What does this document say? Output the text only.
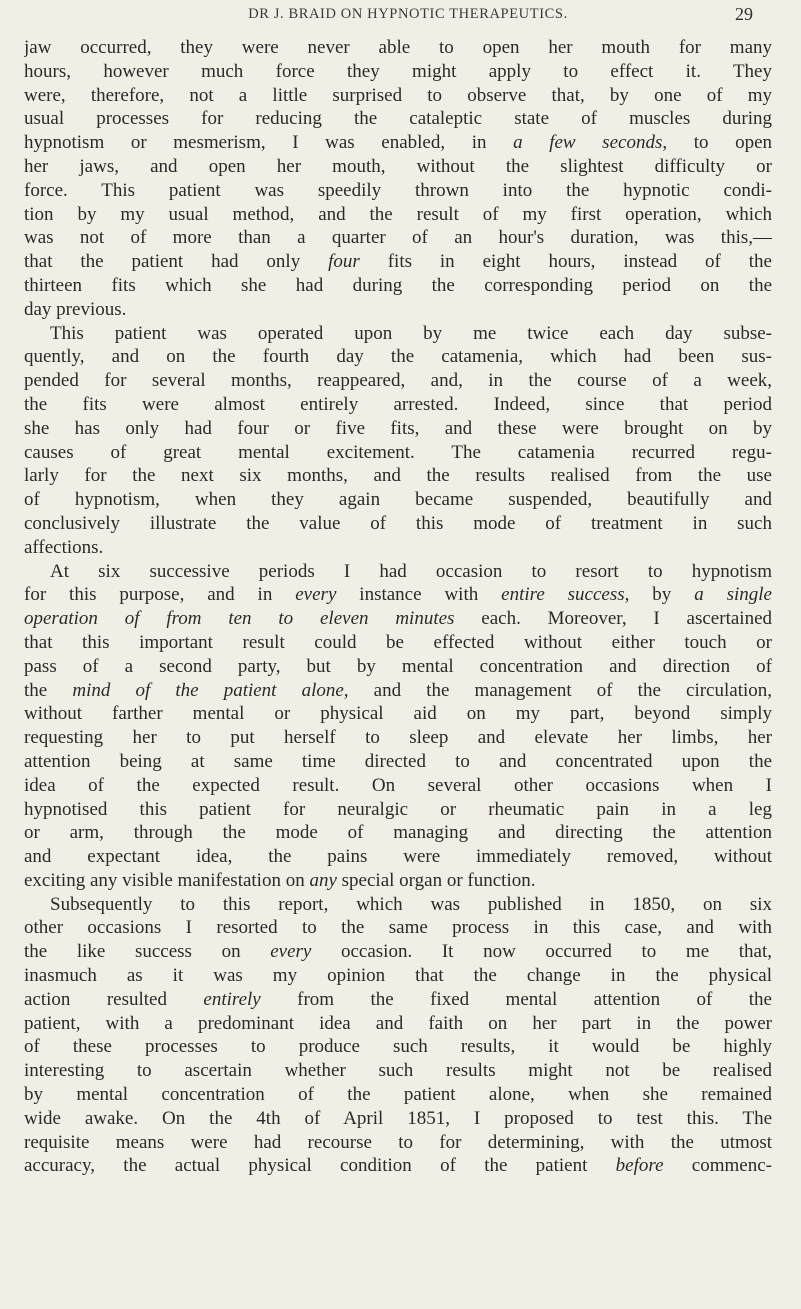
DR J. BRAID ON HYPNOTIC THERAPEUTICS.	29
jaw occurred, they were never able to open her mouth for many
hours, however much force they might apply to effect it. They
were, therefore, not a little surprised to observe that, by one of my
usual processes for reducing the cataleptic state of muscles during
hypnotism or mesmerism, I was enabled, in a few seconds, to open
her jaws, and open her mouth, without the slightest difficulty or
force. This patient was speedily thrown into the hypnotic condi-
tion by my usual method, and the result of my first operation, which
was not of more than a quarter of an hour's duration, was this,—
that the patient had only four fits in eight hours, instead of the
thirteen fits which she had during the corresponding period on the
day previous.
This patient was operated upon by me twice each day subse-
quently, and on the fourth day the catamenia, which had been sus-
pended for several months, reappeared, and, in the course of a week,
the fits were almost entirely arrested. Indeed, since that period
she has only had four or five fits, and these were brought on by
causes of great mental excitement. The catamenia recurred regu-
larly for the next six months, and the results realised from the use
of hypnotism, when they again became suspended, beautifully and
conclusively illustrate the value of this mode of treatment in such
affections.
At six successive periods I had occasion to resort to hypnotism
for this purpose, and in every instance with entire success, by a single
operation of from ten to eleven minutes each. Moreover, I ascertained
that this important result could be effected without either touch or
pass of a second party, but by mental concentration and direction of
the mind of the patient alone, and the management of the circulation,
without farther mental or physical aid on my part, beyond simply
requesting her to put herself to sleep and elevate her limbs, her
attention being at same time directed to and concentrated upon the
idea of the expected result. On several other occasions when I
hypnotised this patient for neuralgic or rheumatic pain in a leg
or arm, through the mode of managing and directing the attention
and expectant idea, the pains were immediately removed, without
exciting any visible manifestation on any special organ or function.
Subsequently to this report, which was published in 1850, on six
other occasions I resorted to the same process in this case, and with
the like success on every occasion. It now occurred to me that,
inasmuch as it was my opinion that the change in the physical
action resulted entirely from the fixed mental attention of the
patient, with a predominant idea and faith on her part in the power
of these processes to produce such results, it would be highly
interesting to ascertain whether such results might not be realised
by mental concentration of the patient alone, when she remained
wide awake. On the 4th of April 1851, I proposed to test this. The
requisite means were had recourse to for determining, with the utmost
accuracy, the actual physical condition of the patient before commenc-
